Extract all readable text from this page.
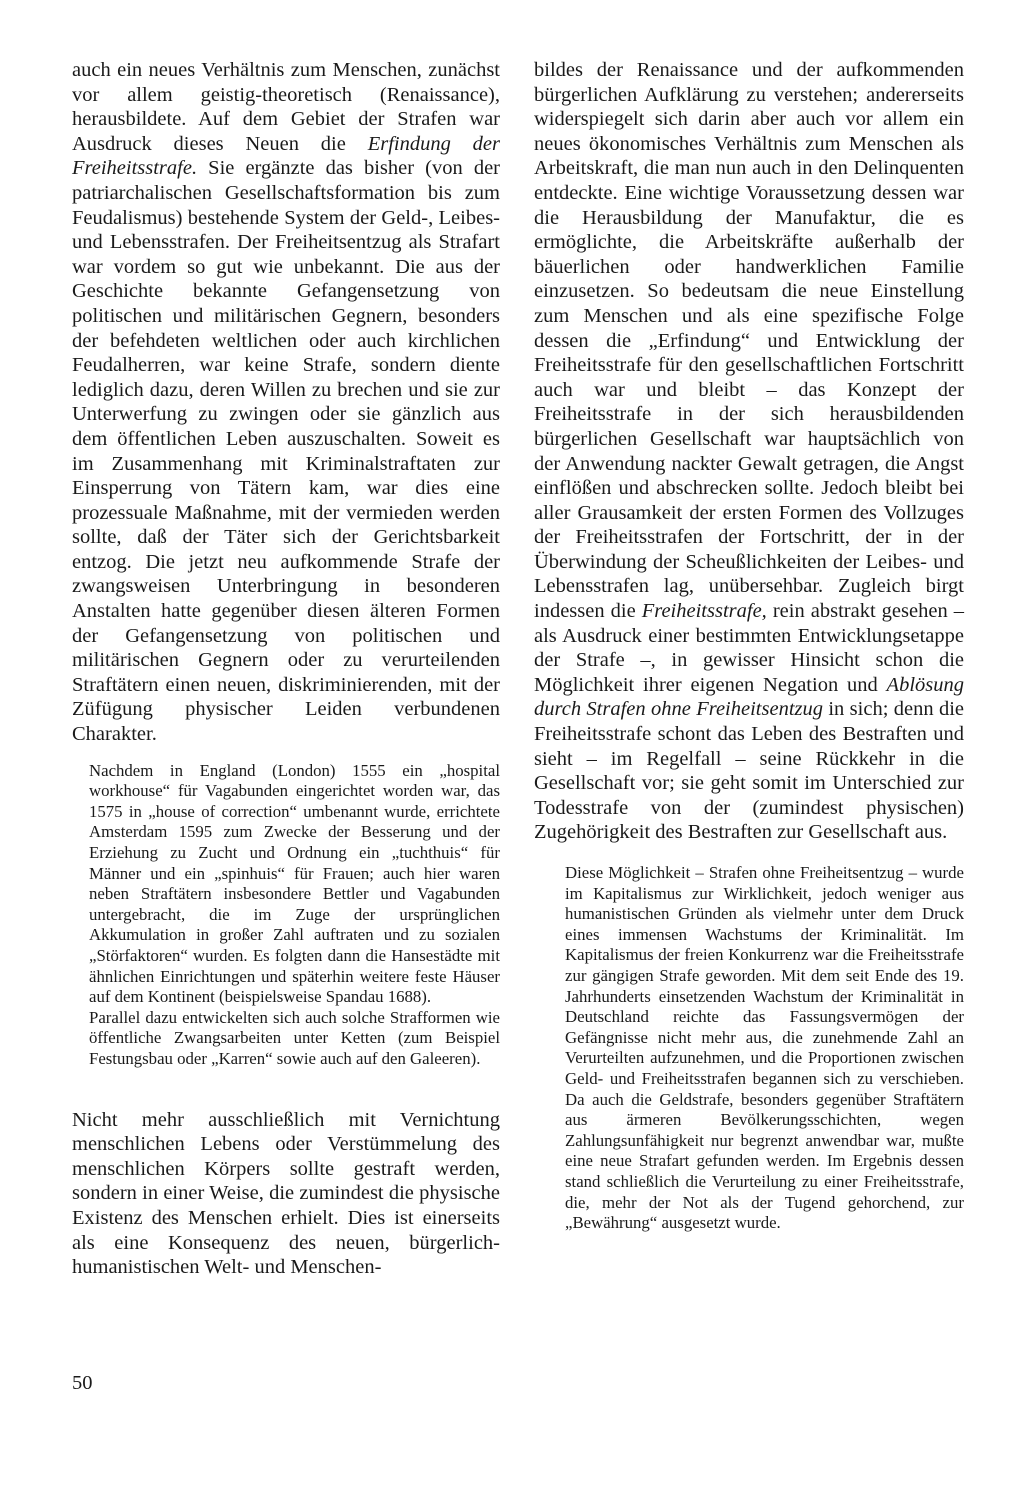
auch ein neues Verhältnis zum Menschen, zunächst vor allem geistig-theoretisch (Renaissance), herausbildete. Auf dem Gebiet der Strafen war Ausdruck dieses Neuen die Erfindung der Freiheitsstrafe. Sie ergänzte das bisher (von der patriarchalischen Gesellschaftsformation bis zum Feudalismus) bestehende System der Geld-, Leibes- und Lebensstrafen. Der Freiheitsentzug als Strafart war vordem so gut wie unbekannt. Die aus der Geschichte bekannte Gefangensetzung von politischen und militärischen Gegnern, besonders der befehdeten weltlichen oder auch kirchlichen Feudalherren, war keine Strafe, sondern diente lediglich dazu, deren Willen zu brechen und sie zur Unterwerfung zu zwingen oder sie gänzlich aus dem öffentlichen Leben auszuschalten. Soweit es im Zusammenhang mit Kriminalstraftaten zur Einsperrung von Tätern kam, war dies eine prozessuale Maßnahme, mit der vermieden werden sollte, daß der Täter sich der Gerichtsbarkeit entzog. Die jetzt neu aufkommende Strafe der zwangsweisen Unterbringung in besonderen Anstalten hatte gegenüber diesen älteren Formen der Gefangensetzung von politischen und militärischen Gegnern oder zu verurteilenden Straftätern einen neuen, diskriminierenden, mit der Züfügung physischer Leiden verbundenen Charakter.

Nachdem in England (London) 1555 ein „hospital workhouse“ für Vagabunden eingerichtet worden war, das 1575 in „house of correction“ umbenannt wurde, errichtete Amsterdam 1595 zum Zwecke der Besserung und der Erziehung zu Zucht und Ordnung ein „tuchthuis“ für Männer und ein „spinhuis“ für Frauen; auch hier waren neben Straftätern insbesondere Bettler und Vagabunden untergebracht, die im Zuge der ursprünglichen Akkumulation in großer Zahl auftraten und zu sozialen „Störfaktoren“ wurden. Es folgten dann die Hansestädte mit ähnlichen Einrichtungen und späterhin weitere feste Häuser auf dem Kontinent (beispielsweise Spandau 1688).

Parallel dazu entwickelten sich auch solche Strafformen wie öffentliche Zwangsarbeiten unter Ketten (zum Beispiel Festungsbau oder „Karren“ sowie auch auf den Galeeren).

Nicht mehr ausschließlich mit Vernichtung menschlichen Lebens oder Verstümmelung des menschlichen Körpers sollte gestraft werden, sondern in einer Weise, die zumindest die physische Existenz des Menschen erhielt. Dies ist einerseits als eine Konsequenz des neuen, bürgerlich-humanistischen Welt- und Menschen-

bildes der Renaissance und der aufkommenden bürgerlichen Aufklärung zu verstehen; andererseits widerspiegelt sich darin aber auch vor allem ein neues ökonomisches Verhältnis zum Menschen als Arbeitskraft, die man nun auch in den Delinquenten entdeckte. Eine wichtige Voraussetzung dessen war die Herausbildung der Manufaktur, die es ermöglichte, die Arbeitskräfte außerhalb der bäuerlichen oder handwerklichen Familie einzusetzen. So bedeutsam die neue Einstellung zum Menschen und als eine spezifische Folge dessen die „Erfindung“ und Entwicklung der Freiheitsstrafe für den gesellschaftlichen Fortschritt auch war und bleibt – das Konzept der Freiheitsstrafe in der sich herausbildenden bürgerlichen Gesellschaft war hauptsächlich von der Anwendung nackter Gewalt getragen, die Angst einflößen und abschrecken sollte. Jedoch bleibt bei aller Grausamkeit der ersten Formen des Vollzuges der Freiheitsstrafen der Fortschritt, der in der Überwindung der Scheußlichkeiten der Leibes- und Lebensstrafen lag, unübersehbar. Zugleich birgt indessen die Freiheitsstrafe, rein abstrakt gesehen – als Ausdruck einer bestimmten Entwicklungsetappe der Strafe –, in gewisser Hinsicht schon die Möglichkeit ihrer eigenen Negation und Ablösung durch Strafen ohne Freiheitsentzug in sich; denn die Freiheitsstrafe schont das Leben des Bestraften und sieht – im Regelfall – seine Rückkehr in die Gesellschaft vor; sie geht somit im Unterschied zur Todesstrafe von der (zumindest physischen) Zugehörigkeit des Bestraften zur Gesellschaft aus.

Diese Möglichkeit – Strafen ohne Freiheitsentzug – wurde im Kapitalismus zur Wirklichkeit, jedoch weniger aus humanistischen Gründen als vielmehr unter dem Druck eines immensen Wachstums der Kriminalität. Im Kapitalismus der freien Konkurrenz war die Freiheitsstrafe zur gängigen Strafe geworden. Mit dem seit Ende des 19. Jahrhunderts einsetzenden Wachstum der Kriminalität in Deutschland reichte das Fassungsvermögen der Gefängnisse nicht mehr aus, die zunehmende Zahl an Verurteilten aufzunehmen, und die Proportionen zwischen Geld- und Freiheitsstrafen begannen sich zu verschieben. Da auch die Geldstrafe, besonders gegenüber Straftätern aus ärmeren Bevölkerungsschichten, wegen Zahlungsunfähigkeit nur begrenzt anwendbar war, mußte eine neue Strafart gefunden werden. Im Ergebnis dessen stand schließlich die Verurteilung zu einer Freiheitsstrafe, die, mehr der Not als der Tugend gehorchend, zur „Bewährung“ ausgesetzt wurde.

50
